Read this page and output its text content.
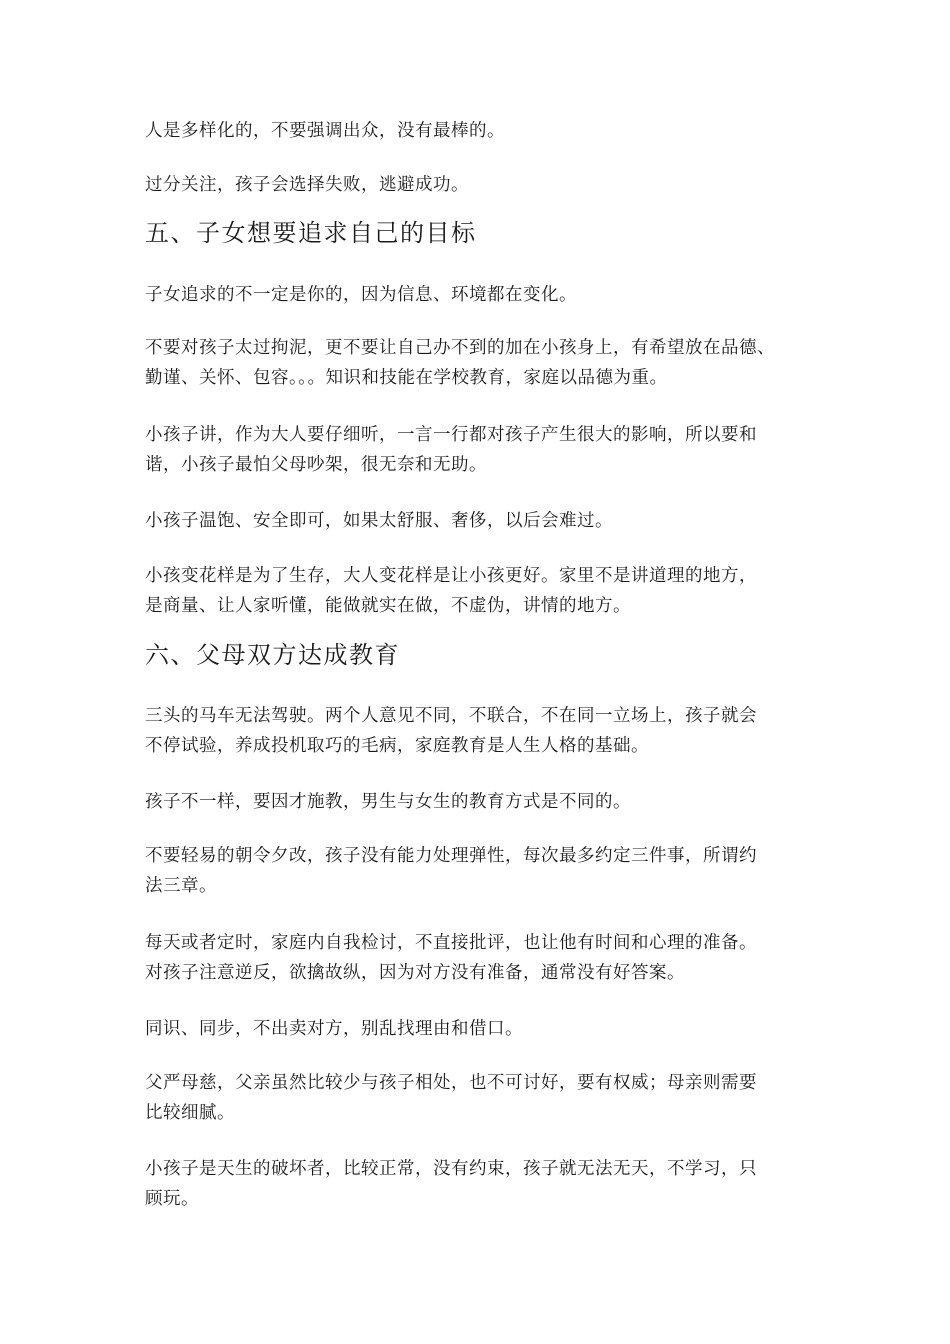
人是多样化的，不要强调出众，没有最棒的。

过分关注，孩子会选择失败，逃避成功。

五、子女想要追求自己的目标

子女追求的不一定是你的，因为信息、环境都在变化。

不要对孩子太过拘泥，更不要让自己办不到的加在小孩身上，有希望放在品德、
勤谨、关怀、包容。。。知识和技能在学校教育，家庭以品德为重。

小孩子讲，作为大人要仔细听，一言一行都对孩子产生很大的影响，所以要和
谐，小孩子最怕父母吵架，很无奈和无助。

小孩子温饱、安全即可，如果太舒服、奢侈，以后会难过。

小孩变花样是为了生存，大人变花样是让小孩更好。家里不是讲道理的地方，
是商量、让人家听懂，能做就实在做，不虚伪，讲情的地方。

六、父母双方达成教育

三头的马车无法驾驶。两个人意见不同，不联合，不在同一立场上，孩子就会
不停试验，养成投机取巧的毛病，家庭教育是人生人格的基础。

孩子不一样，要因才施教，男生与女生的教育方式是不同的。

不要轻易的朝令夕改，孩子没有能力处理弹性，每次最多约定三件事，所谓约
法三章。

每天或者定时，家庭内自我检讨，不直接批评，也让他有时间和心理的准备。
对孩子注意逆反，欲擒故纵，因为对方没有准备，通常没有好答案。

同识、同步，不出卖对方，别乱找理由和借口。

父严母慈，父亲虽然比较少与孩子相处，也不可讨好，要有权威；母亲则需要
比较细腻。

小孩子是天生的破坏者，比较正常，没有约束，孩子就无法无天，不学习，只
顾玩。
